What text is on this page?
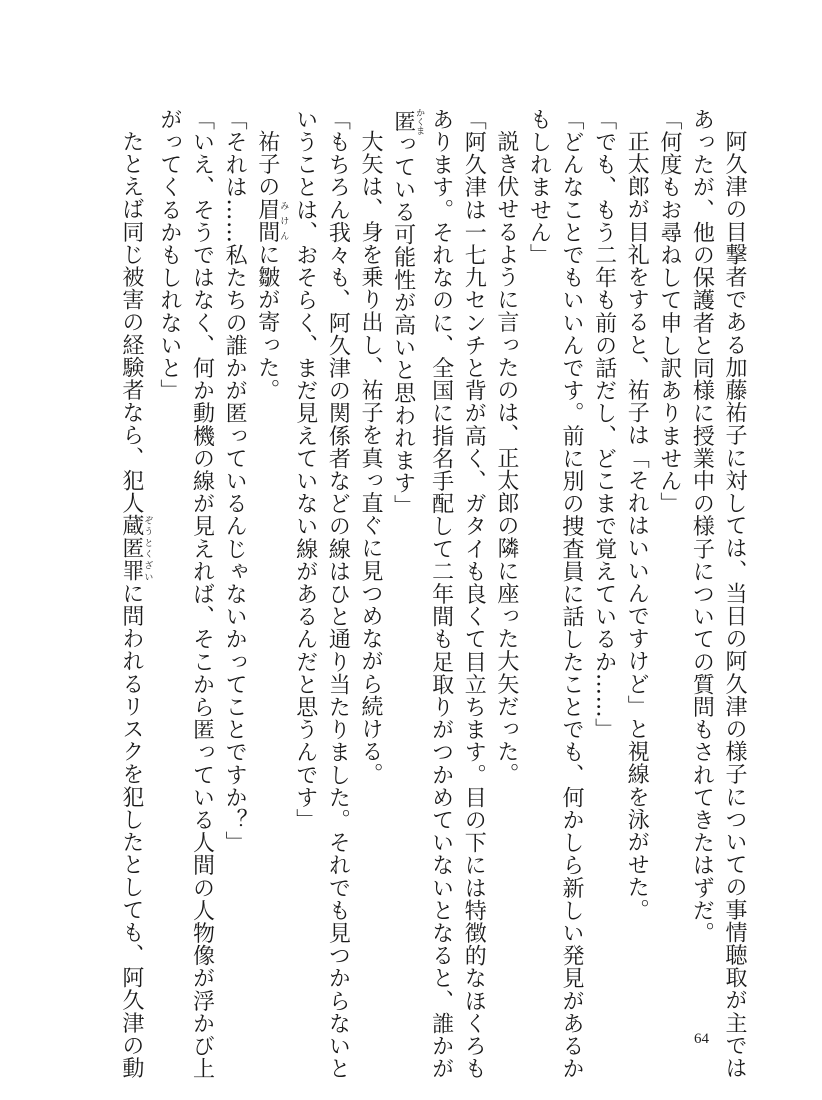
阿久津の目撃者である加藤祐子に対しては、当日の阿久津の様子についての事情聴取が主では

あったが、他の保護者と同様に授業中の様子についての質問もされてきたはずだ。

「何度もお尋ねして申し訳ありません」

正太郎が目礼をすると、祐子は「それはいいんですけど」と視線を泳がせた。

「でも、もう二年も前の話だし、どこまで覚えているか……」

「どんなことでもいいんです。前に別の捜査員に話したことでも、何かしら新しい発見があるか

もしれません」

説き伏せるように言ったのは、正太郎の隣に座った大矢だった。

「阿久津は一七九センチと背が高く、ガタイも良くて目立ちます。目の下には特徴的なほくろも

あります。それなのに、全国に指名手配して二年間も足取りがつかめていないとなると、誰かが

匿かくまっている可能性が高いと思われます」

大矢は、身を乗り出し、祐子を真っ直ぐに見つめながら続ける。

「もちろん我々も、阿久津の関係者などの線はひと通り当たりました。それでも見つからないと

いうことは、おそらく、まだ見えていない線があるんだと思うんです」

祐子の眉間みけんに皺が寄った。

「それは……私たちの誰かが匿っているんじゃないかってことですか？」

「いえ、そうではなく、何か動機の線が見えれば、そこから匿っている人間の人物像が浮かび上

がってくるかもしれないと」

たとえば同じ被害の経験者なら、犯人蔵匿罪ぞうとくざいに問われるリスクを犯したとしても、阿久津の動	64
